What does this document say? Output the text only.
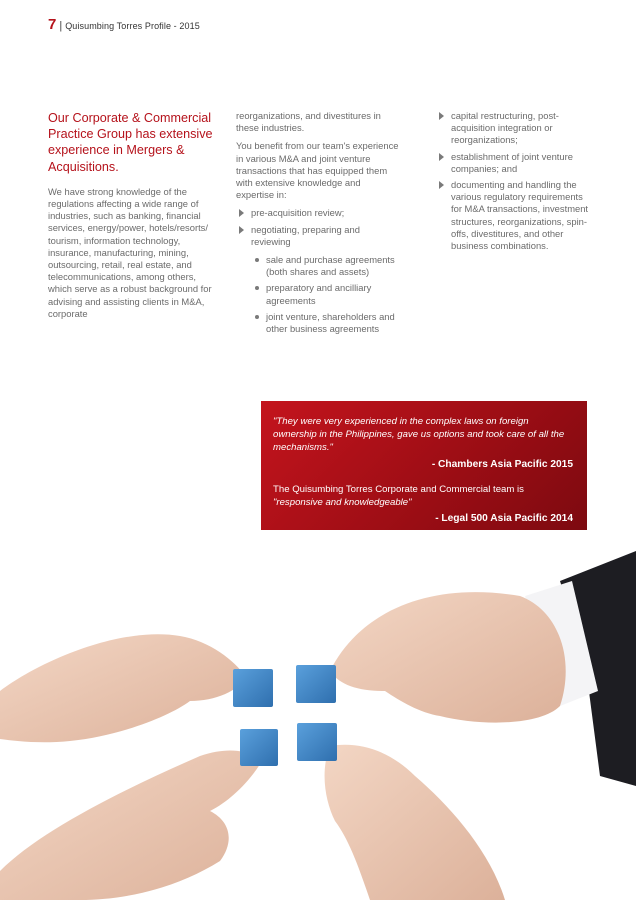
7 | Quisumbing Torres Profile - 2015
Our Corporate & Commercial Practice Group has extensive experience in Mergers & Acquisitions.

We have strong knowledge of the regulations affecting a wide range of industries, such as banking, financial services, energy/power, hotels/resorts/ tourism, information technology, insurance, manufacturing, mining, outsourcing, retail, real estate, and telecommunications, among others, which serve as a robust background for advising and assisting clients in M&A, corporate

reorganizations, and divestitures in these industries.

You benefit from our team's experience in various M&A and joint venture transactions that has equipped them with extensive knowledge and expertise in:

pre-acquisition review;
negotiating, preparing and reviewing
sale and purchase agreements (both shares and assets)
preparatory and ancilliary agreements
joint venture, shareholders and other business agreements
capital restructuring, post-acquisition integration or reorganizations;
establishment of joint venture companies; and
documenting and handling the various regulatory requirements for M&A transactions, investment structures, reorganizations, spin-offs, divestitures, and other business combinations.
"They were very experienced in the complex laws on foreign ownership in the Philippines, gave us options and took care of all the mechanisms."
- Chambers Asia Pacific 2015
The Quisumbing Torres Corporate and Commercial team is
"responsive and knowledgeable"
- Legal 500 Asia Pacific 2014
